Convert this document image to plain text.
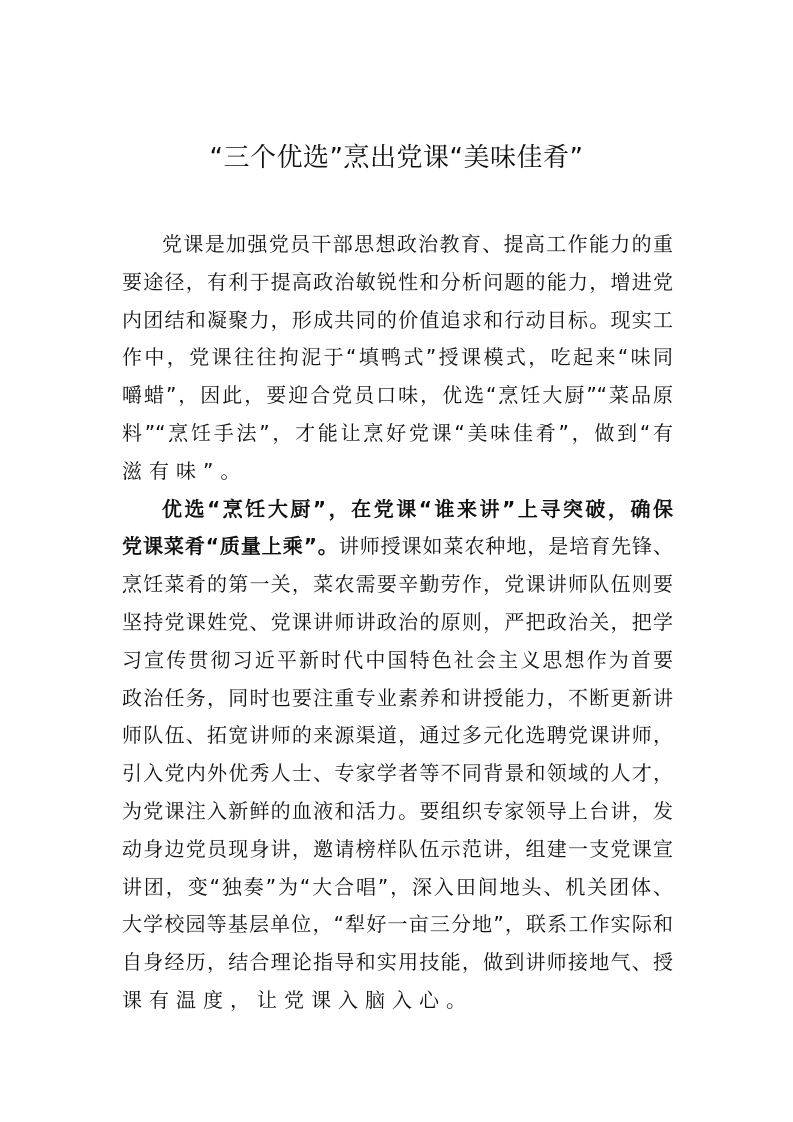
“三个优选”烹出党课“美味佳肴”
党课是加强党员干部思想政治教育、提高工作能力的重
要途径，有利于提高政治敏锐性和分析问题的能力，增进党
内团结和凝聚力，形成共同的价值追求和行动目标。现实工
作中，党课往往拘泥于“填鸭式”授课模式，吃起来“味同
嚼蜡”，因此，要迎合党员口味，优选“烹饪大厨”“菜品原
料”“烹饪手法”，才能让烹好党课“美味佳肴”，做到“有
滋有味”。
优选“烹饪大厨”，在党课“谁来讲”上寻突破，确保
党课菜肴“质量上乘”。讲师授课如菜农种地，是培育先锋、
烹饪菜肴的第一关，菜农需要辛勤劳作，党课讲师队伍则要
坚持党课姓党、党课讲师讲政治的原则，严把政治关，把学
习宣传贯彻习近平新时代中国特色社会主义思想作为首要
政治任务，同时也要注重专业素养和讲授能力，不断更新讲
师队伍、拓宽讲师的来源渠道，通过多元化选聘党课讲师，
引入党内外优秀人士、专家学者等不同背景和领域的人才，
为党课注入新鲜的血液和活力。要组织专家领导上台讲，发
动身边党员现身讲，邀请榜样队伍示范讲，组建一支党课宣
讲团，变“独奏”为“大合唱”，深入田间地头、机关团体、
大学校园等基层单位，“犁好一亩三分地”，联系工作实际和
自身经历，结合理论指导和实用技能，做到讲师接地气、授
课有温度，让党课入脑入心。
